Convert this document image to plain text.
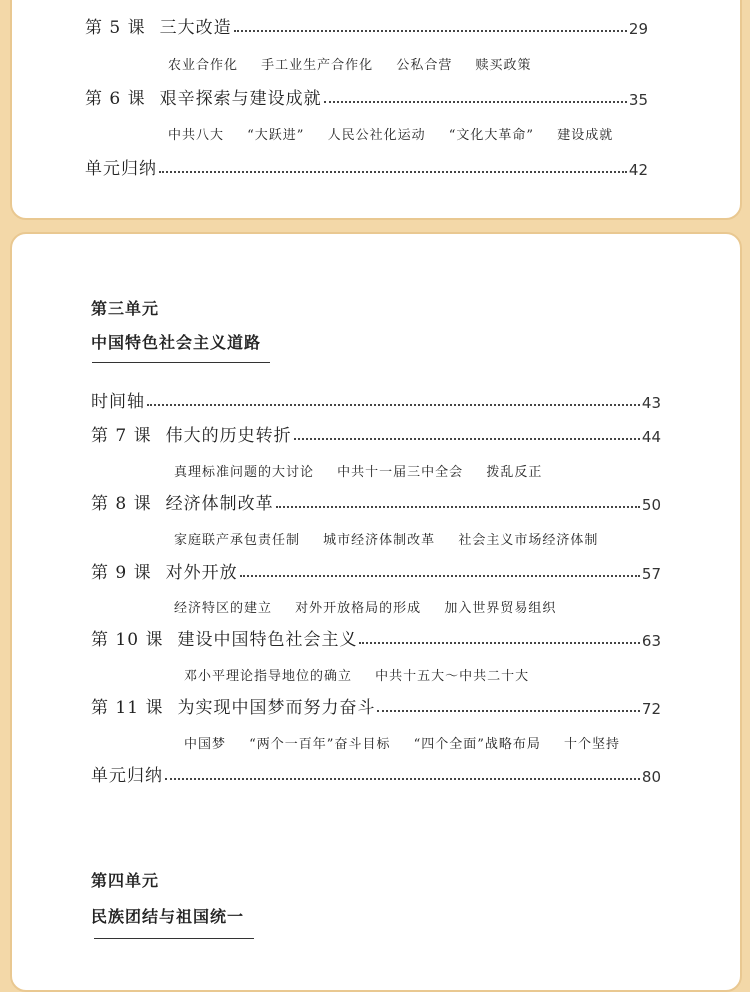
第 5 课 三大改造	29
农业合作化 手工业生产合作化 公私合营 赎买政策
第 6 课 艰辛探索与建设成就	35
中共八大 “大跃进” 人民公社化运动 “文化大革命” 建设成就
单元归纳	42
第三单元
中国特色社会主义道路
时间轴	43
第 7 课 伟大的历史转折	44
真理标准问题的大讨论 中共十一届三中全会 拨乱反正
第 8 课 经济体制改革	50
家庭联产承包责任制 城市经济体制改革 社会主义市场经济体制
第 9 课 对外开放	57
经济特区的建立 对外开放格局的形成 加入世界贸易组织
第 10 课 建设中国特色社会主义	63
邓小平理论指导地位的确立 中共十五大～中共二十大
第 11 课 为实现中国梦而努力奋斗	72
中国梦 “两个一百年”奋斗目标 “四个全面”战略布局 十个坚持
单元归纳	80
第四单元
民族团结与祖国统一
